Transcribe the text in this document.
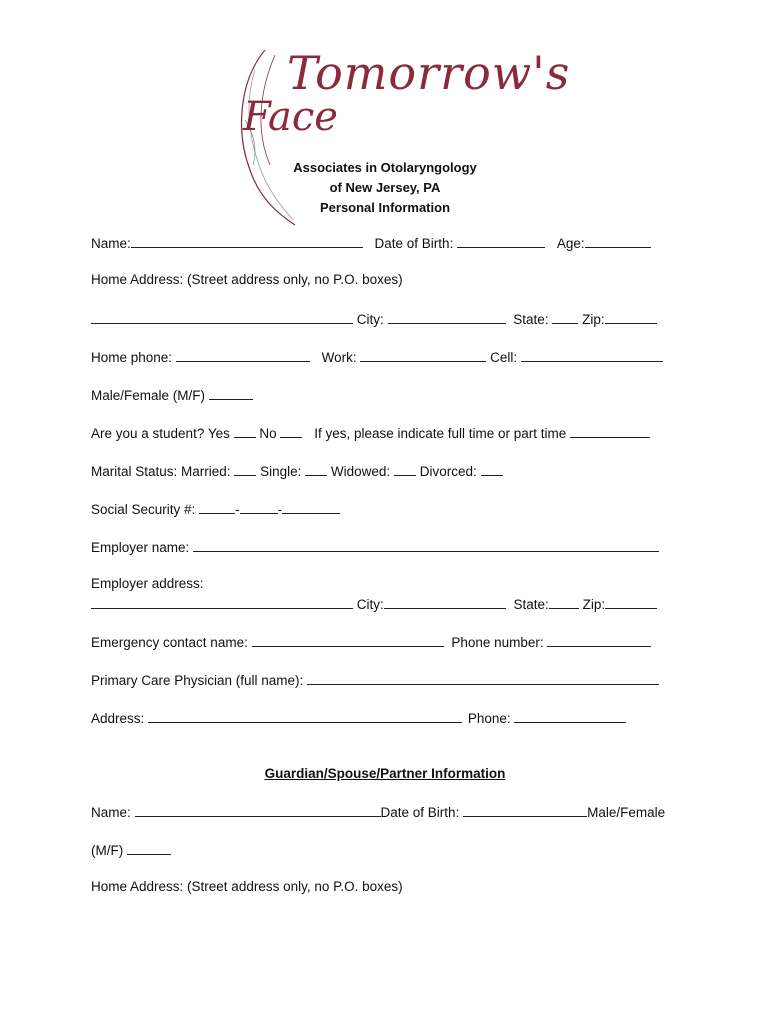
Tomorrow's
Face
Associates in Otolaryngology
of New Jersey, PA
Personal Information
Name:	Date of Birth:	Age:
Home Address: (Street address only, no P.O. boxes)
City:	State: Zip:
Home phone:	Work:	Cell:
Male/Female (M/F)
Are you a student? Yes No	If yes, please indicate full time or part time
Marital Status: Married: Single: Widowed: Divorced:
Social Security #:	-	-
Employer name:
Employer address:
City:	State:	Zip:
Emergency contact name:	Phone number:
Primary Care Physician (full name):
Address:	Phone:
Guardian/Spouse/Partner Information
Name:	Date of Birth:	Male/Female
(M/F)
Home Address: (Street address only, no P.O. boxes)
